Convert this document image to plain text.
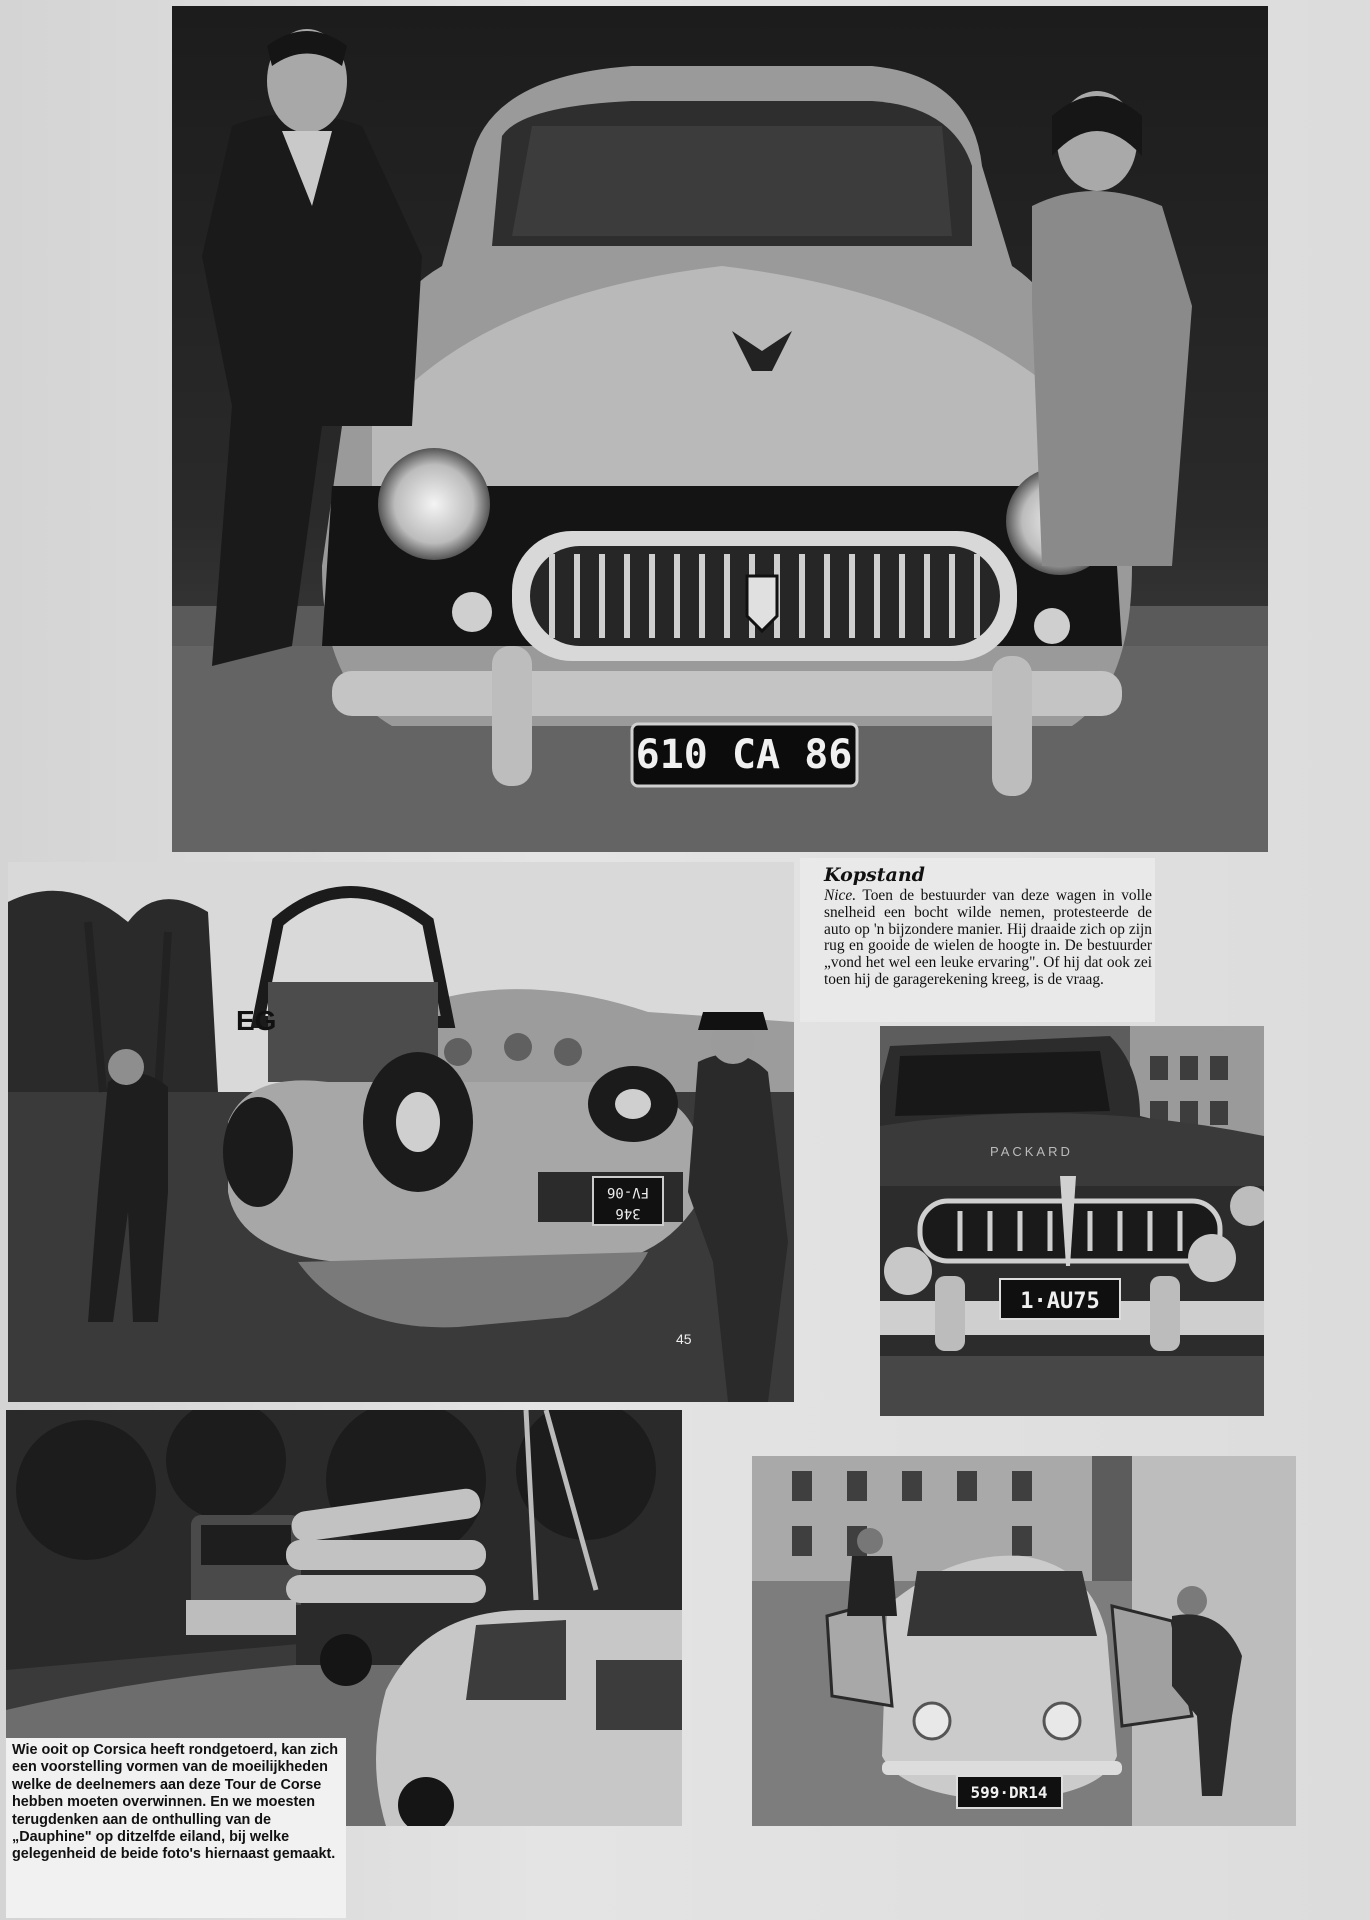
610 CA 86
FV-06
346
EG
45
Kopstand

Nice. Toen de bestuurder van deze wagen in volle snelheid een bocht wilde nemen, protesteerde de auto op 'n bijzondere manier. Hij draaide zich op zijn rug en gooide de wielen de hoogte in. De bestuurder „vond het wel een leuke ervaring". Of hij dat ook zei toen hij de garagerekening kreeg, is de vraag.

PACKARD
1·AU75

Wie ooit op Corsica heeft rondgetoerd, kan zich een voorstelling vormen van de moeilijkheden welke de deelnemers aan deze Tour de Corse hebben moeten overwinnen. En we moesten terugdenken aan de onthulling van de „Dauphine" op ditzelfde eiland, bij welke gelegenheid de beide foto's hiernaast gemaakt.

599·DR14
